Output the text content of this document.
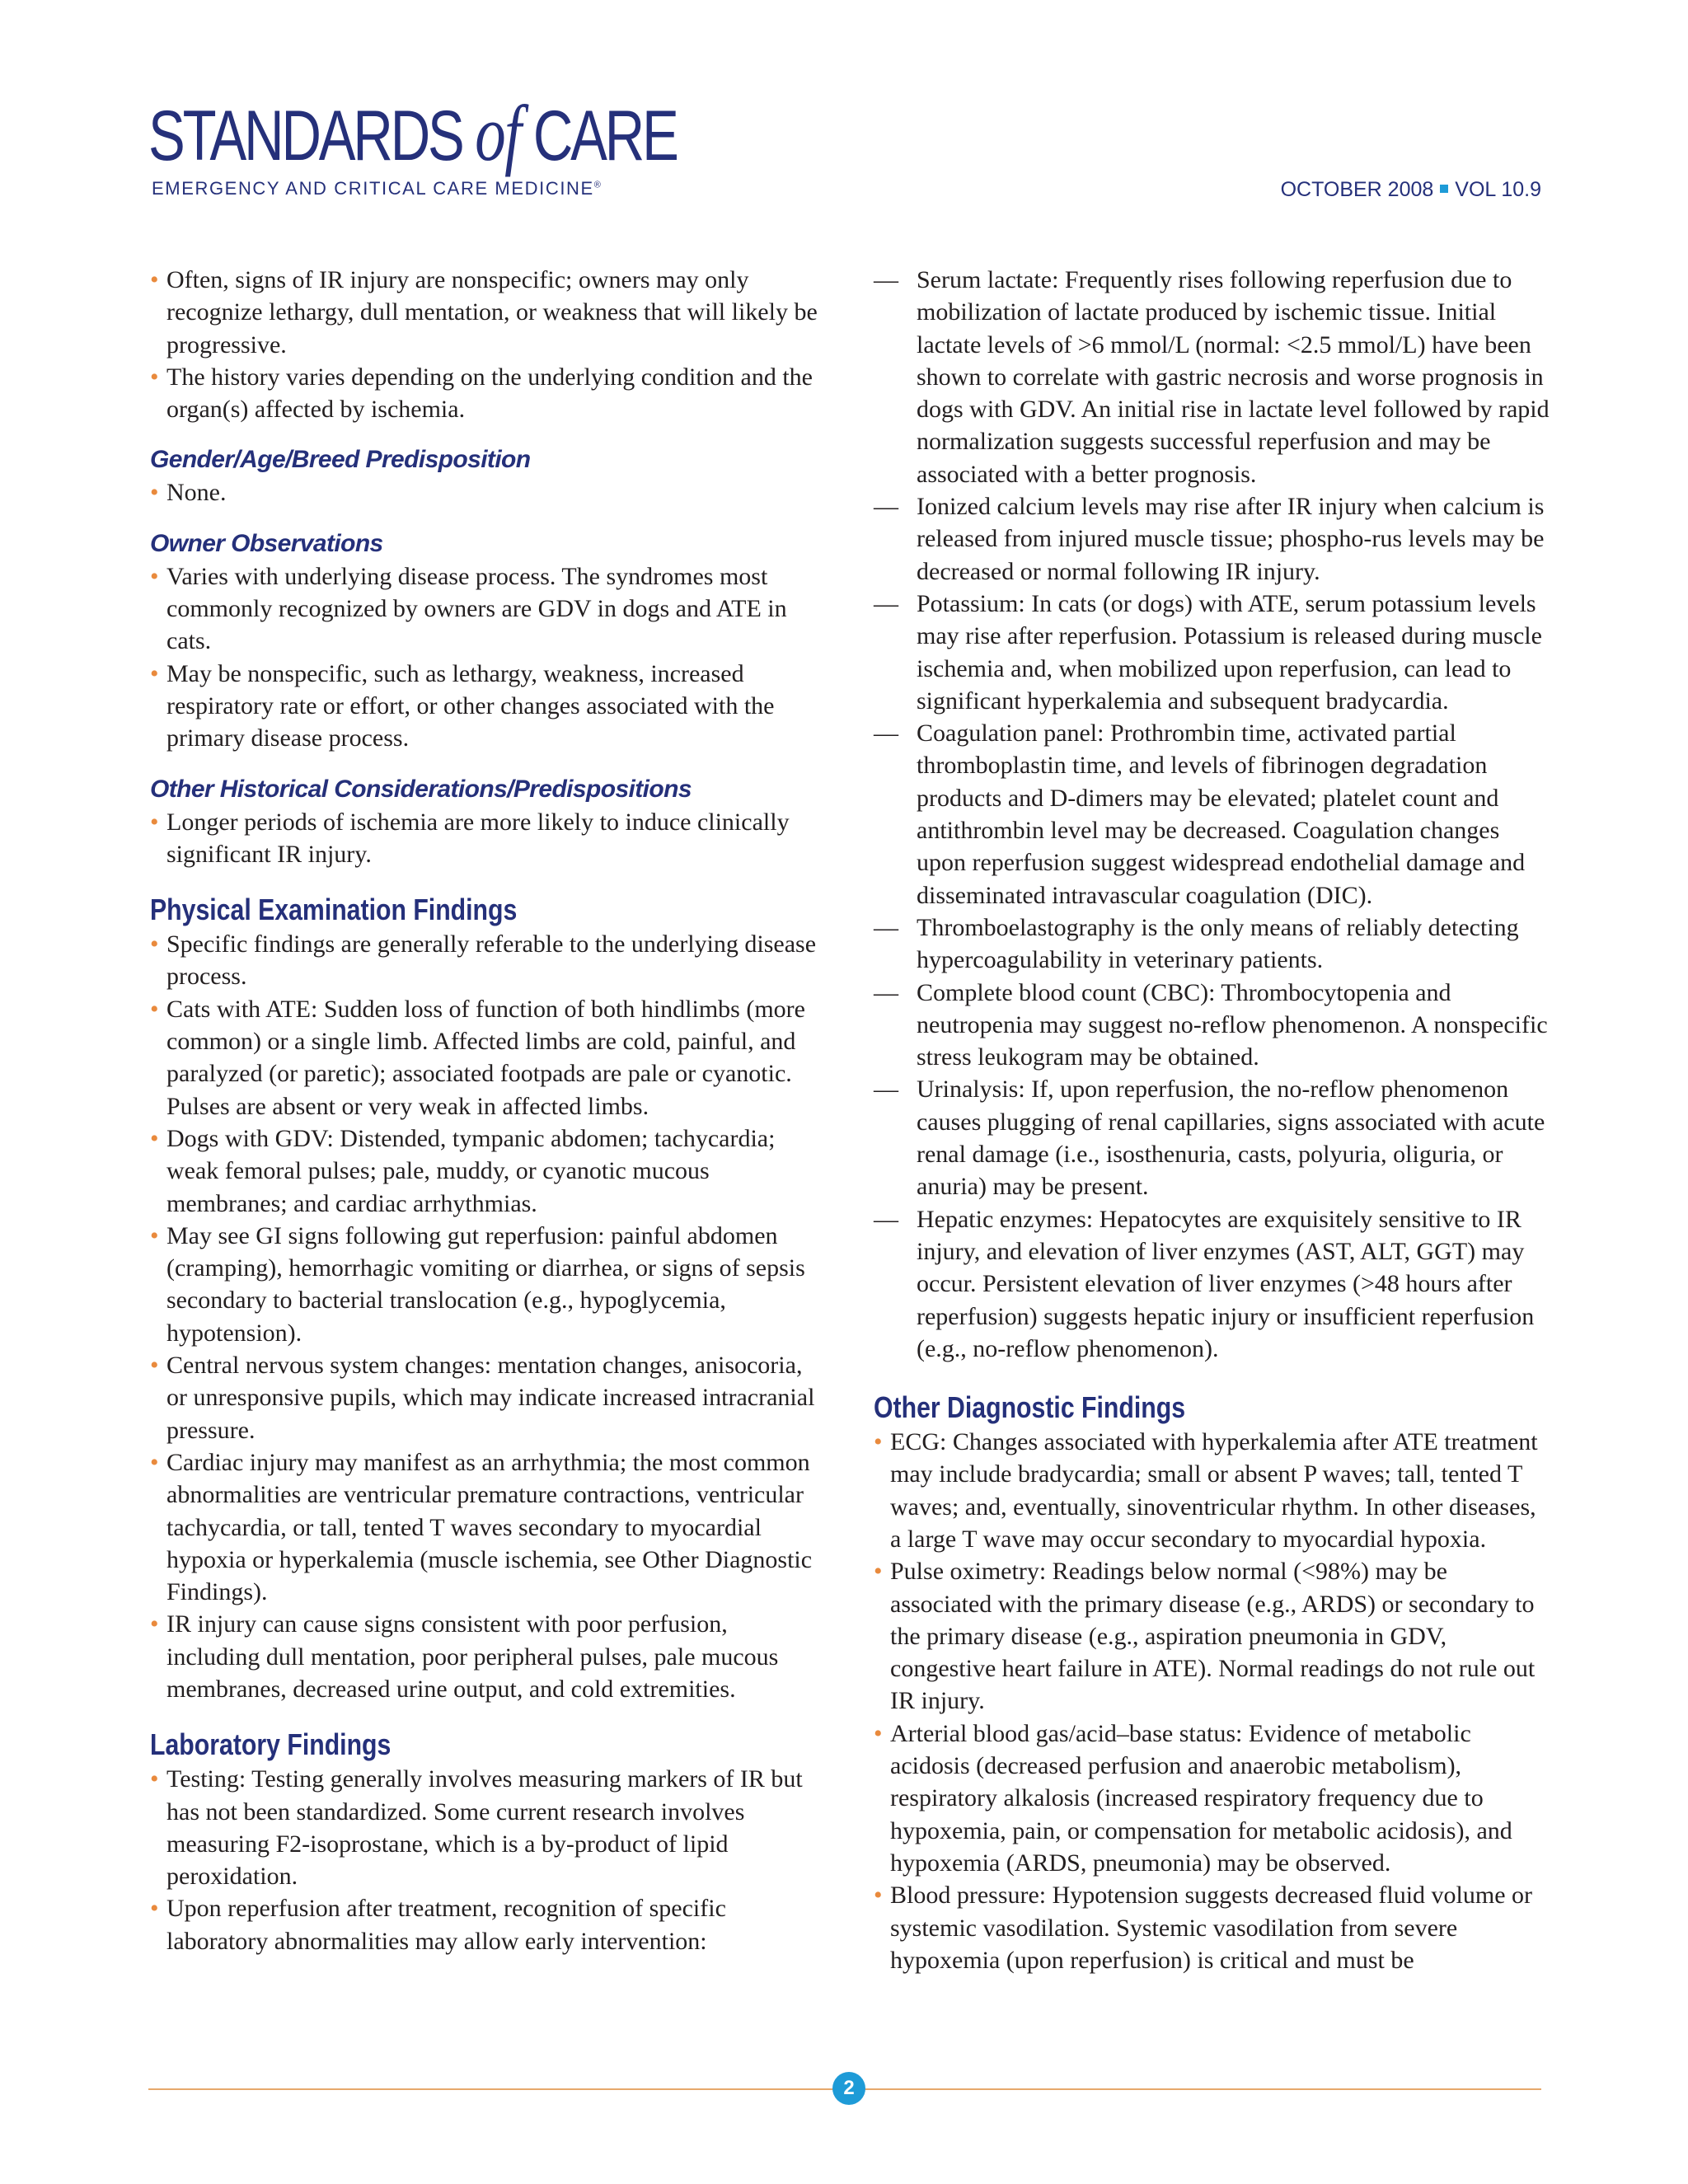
STANDARDS of CARE
EMERGENCY AND CRITICAL CARE MEDICINE®	OCTOBER 2008 VOL 10.9

• Often, signs of IR injury are nonspecific; owners may only recognize lethargy, dull mentation, or weakness that will likely be progressive.

• The history varies depending on the underlying condition and the organ(s) affected by ischemia.

Gender/Age/Breed Predisposition

• None.

Owner Observations

• Varies with underlying disease process. The syndromes most commonly recognized by owners are GDV in dogs and ATE in cats.

• May be nonspecific, such as lethargy, weakness, increased respiratory rate or effort, or other changes associated with the primary disease process.

Other Historical Considerations/Predispositions

• Longer periods of ischemia are more likely to induce clinically significant IR injury.

Physical Examination Findings

• Specific findings are generally referable to the underlying disease process.

• Cats with ATE: Sudden loss of function of both hindlimbs (more common) or a single limb. Affected limbs are cold, painful, and paralyzed (or paretic); associated footpads are pale or cyanotic. Pulses are absent or very weak in affected limbs.

• Dogs with GDV: Distended, tympanic abdomen; tachycardia; weak femoral pulses; pale, muddy, or cyanotic mucous membranes; and cardiac arrhythmias.

• May see GI signs following gut reperfusion: painful abdomen (cramping), hemorrhagic vomiting or diarrhea, or signs of sepsis secondary to bacterial translocation (e.g., hypoglycemia, hypotension).

• Central nervous system changes: mentation changes, anisocoria, or unresponsive pupils, which may indicate increased intracranial pressure.

• Cardiac injury may manifest as an arrhythmia; the most common abnormalities are ventricular premature contractions, ventricular tachycardia, or tall, tented T waves secondary to myocardial hypoxia or hyperkalemia (muscle ischemia, see Other Diagnostic Findings).

• IR injury can cause signs consistent with poor perfusion, including dull mentation, poor peripheral pulses, pale mucous membranes, decreased urine output, and cold extremities.

Laboratory Findings

• Testing: Testing generally involves measuring markers of IR but has not been standardized. Some current research involves measuring F2-isoprostane, which is a by-product of lipid peroxidation.

• Upon reperfusion after treatment, recognition of specific laboratory abnormalities may allow early intervention:

— Serum lactate: Frequently rises following reperfusion due to mobilization of lactate produced by ischemic tissue. Initial lactate levels of >6 mmol/L (normal: <2.5 mmol/L) have been shown to correlate with gastric necrosis and worse prognosis in dogs with GDV. An initial rise in lactate level followed by rapid normalization suggests successful reperfusion and may be associated with a better prognosis.

— Ionized calcium levels may rise after IR injury when calcium is released from injured muscle tissue; phospho-rus levels may be decreased or normal following IR injury.

— Potassium: In cats (or dogs) with ATE, serum potassium levels may rise after reperfusion. Potassium is released during muscle ischemia and, when mobilized upon reperfusion, can lead to significant hyperkalemia and subsequent bradycardia.

— Coagulation panel: Prothrombin time, activated partial thromboplastin time, and levels of fibrinogen degradation products and D-dimers may be elevated; platelet count and antithrombin level may be decreased. Coagulation changes upon reperfusion suggest widespread endothelial damage and disseminated intravascular coagulation (DIC).

— Thromboelastography is the only means of reliably detecting hypercoagulability in veterinary patients.

— Complete blood count (CBC): Thrombocytopenia and neutropenia may suggest no-reflow phenomenon. A nonspecific stress leukogram may be obtained.

— Urinalysis: If, upon reperfusion, the no-reflow phenomenon causes plugging of renal capillaries, signs associated with acute renal damage (i.e., isosthenuria, casts, polyuria, oliguria, or anuria) may be present.

— Hepatic enzymes: Hepatocytes are exquisitely sensitive to IR injury, and elevation of liver enzymes (AST, ALT, GGT) may occur. Persistent elevation of liver enzymes (>48 hours after reperfusion) suggests hepatic injury or insufficient reperfusion (e.g., no-reflow phenomenon).

Other Diagnostic Findings

• ECG: Changes associated with hyperkalemia after ATE treatment may include bradycardia; small or absent P waves; tall, tented T waves; and, eventually, sinoventricular rhythm. In other diseases, a large T wave may occur secondary to myocardial hypoxia.

• Pulse oximetry: Readings below normal (<98%) may be associated with the primary disease (e.g., ARDS) or secondary to the primary disease (e.g., aspiration pneumonia in GDV, congestive heart failure in ATE). Normal readings do not rule out IR injury.

• Arterial blood gas/acid–base status: Evidence of metabolic acidosis (decreased perfusion and anaerobic metabolism), respiratory alkalosis (increased respiratory frequency due to hypoxemia, pain, or compensation for metabolic acidosis), and hypoxemia (ARDS, pneumonia) may be observed.

• Blood pressure: Hypotension suggests decreased fluid volume or systemic vasodilation. Systemic vasodilation from severe hypoxemia (upon reperfusion) is critical and must be

2
